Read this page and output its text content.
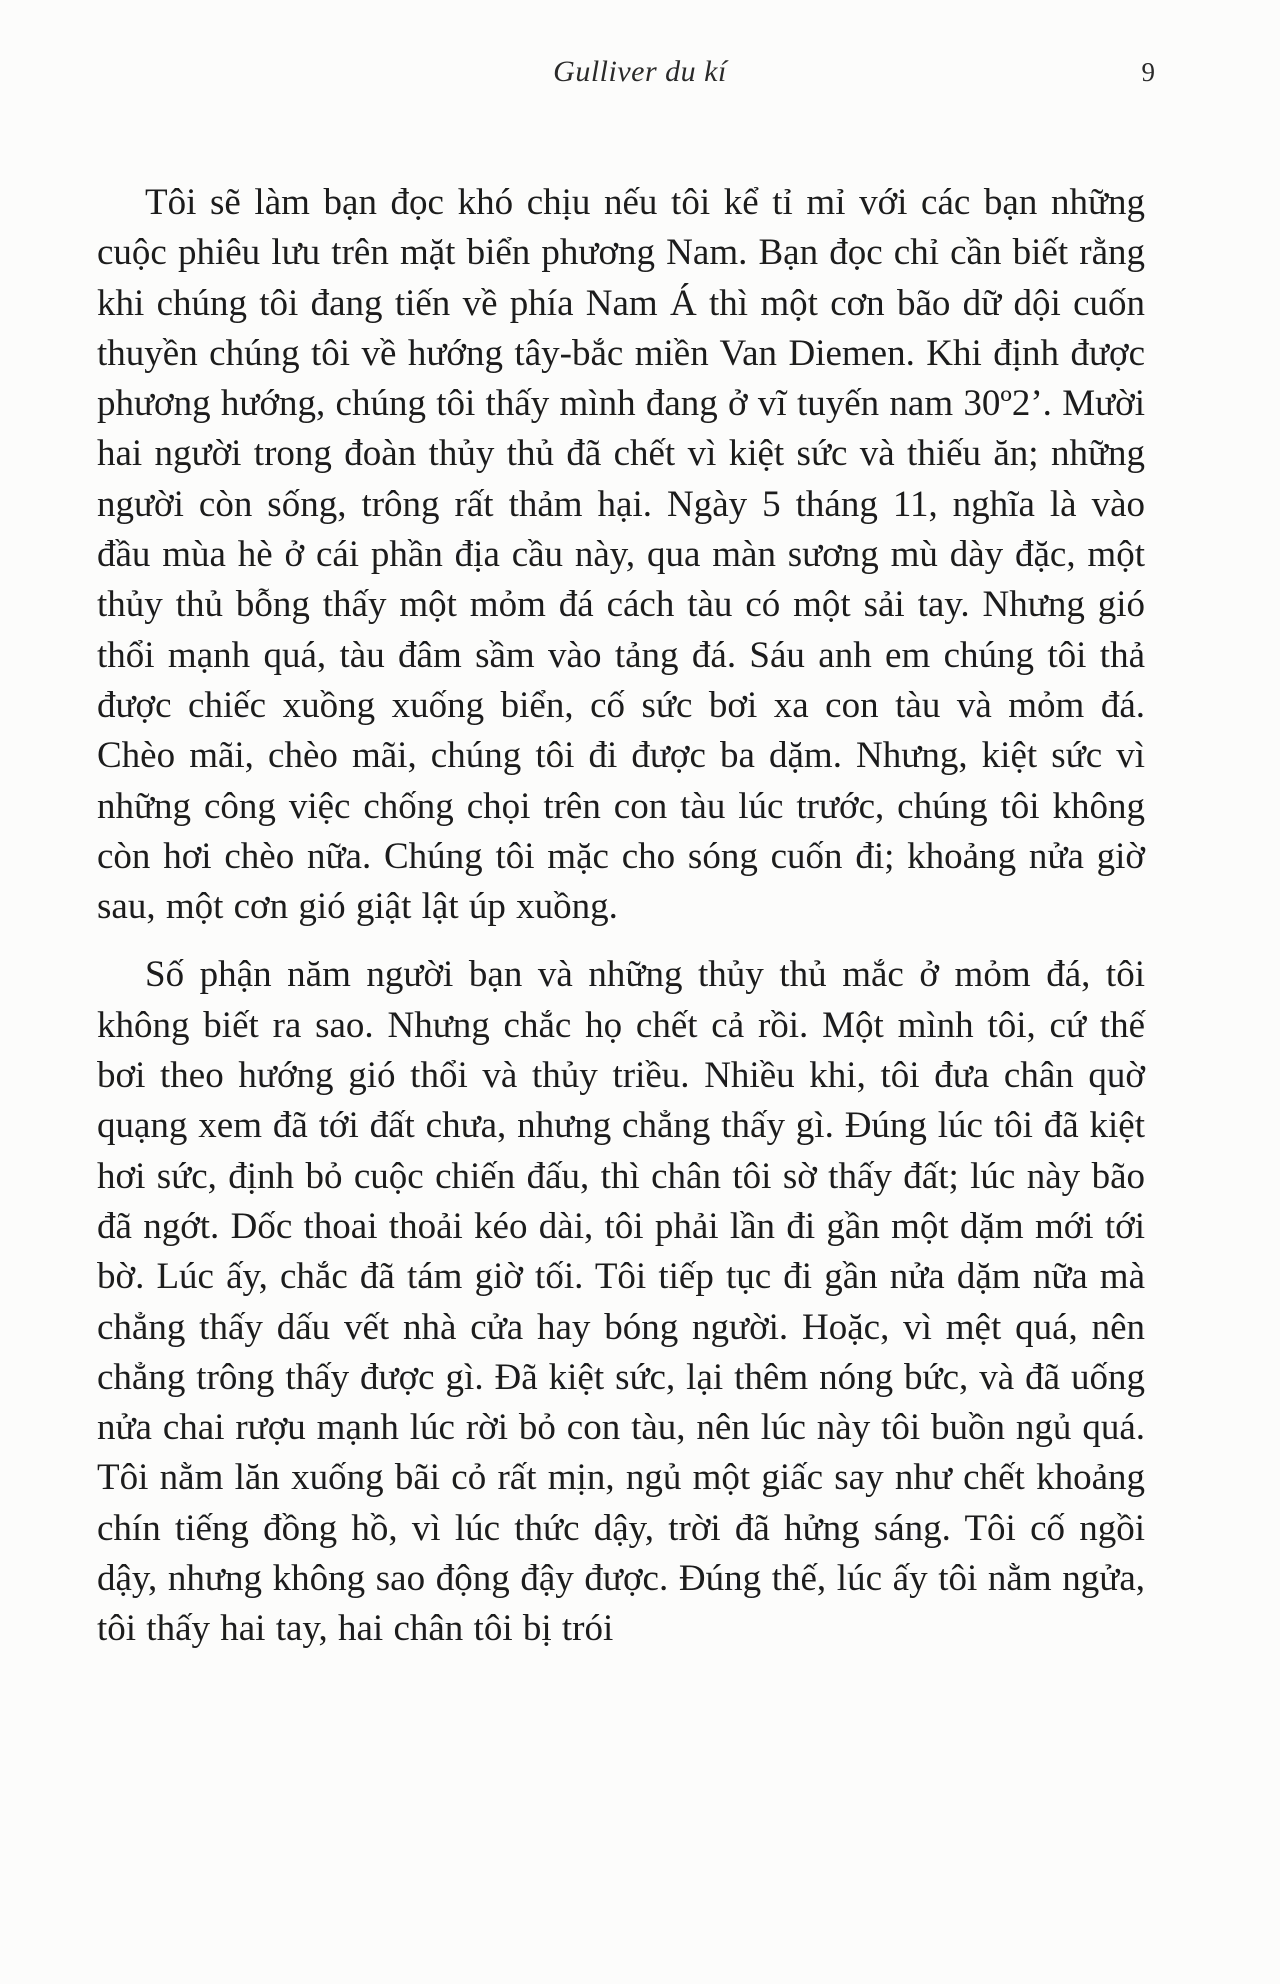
Gulliver du kí	9

Tôi sẽ làm bạn đọc khó chịu nếu tôi kể tỉ mỉ với các bạn những cuộc phiêu lưu trên mặt biển phương Nam. Bạn đọc chỉ cần biết rằng khi chúng tôi đang tiến về phía Nam Á thì một cơn bão dữ dội cuốn thuyền chúng tôi về hướng tây-bắc miền Van Diemen. Khi định được phương hướng, chúng tôi thấy mình đang ở vĩ tuyến nam 30º2’. Mười hai người trong đoàn thủy thủ đã chết vì kiệt sức và thiếu ăn; những người còn sống, trông rất thảm hại. Ngày 5 tháng 11, nghĩa là vào đầu mùa hè ở cái phần địa cầu này, qua màn sương mù dày đặc, một thủy thủ bỗng thấy một mỏm đá cách tàu có một sải tay. Nhưng gió thổi mạnh quá, tàu đâm sầm vào tảng đá. Sáu anh em chúng tôi thả được chiếc xuồng xuống biển, cố sức bơi xa con tàu và mỏm đá. Chèo mãi, chèo mãi, chúng tôi đi được ba dặm. Nhưng, kiệt sức vì những công việc chống chọi trên con tàu lúc trước, chúng tôi không còn hơi chèo nữa. Chúng tôi mặc cho sóng cuốn đi; khoảng nửa giờ sau, một cơn gió giật lật úp xuồng.

Số phận năm người bạn và những thủy thủ mắc ở mỏm đá, tôi không biết ra sao. Nhưng chắc họ chết cả rồi. Một mình tôi, cứ thế bơi theo hướng gió thổi và thủy triều. Nhiều khi, tôi đưa chân quờ quạng xem đã tới đất chưa, nhưng chẳng thấy gì. Đúng lúc tôi đã kiệt hơi sức, định bỏ cuộc chiến đấu, thì chân tôi sờ thấy đất; lúc này bão đã ngớt. Dốc thoai thoải kéo dài, tôi phải lần đi gần một dặm mới tới bờ. Lúc ấy, chắc đã tám giờ tối. Tôi tiếp tục đi gần nửa dặm nữa mà chẳng thấy dấu vết nhà cửa hay bóng người. Hoặc, vì mệt quá, nên chẳng trông thấy được gì. Đã kiệt sức, lại thêm nóng bức, và đã uống nửa chai rượu mạnh lúc rời bỏ con tàu, nên lúc này tôi buồn ngủ quá. Tôi nằm lăn xuống bãi cỏ rất mịn, ngủ một giấc say như chết khoảng chín tiếng đồng hồ, vì lúc thức dậy, trời đã hửng sáng. Tôi cố ngồi dậy, nhưng không sao động đậy được. Đúng thế, lúc ấy tôi nằm ngửa, tôi thấy hai tay, hai chân tôi bị trói
